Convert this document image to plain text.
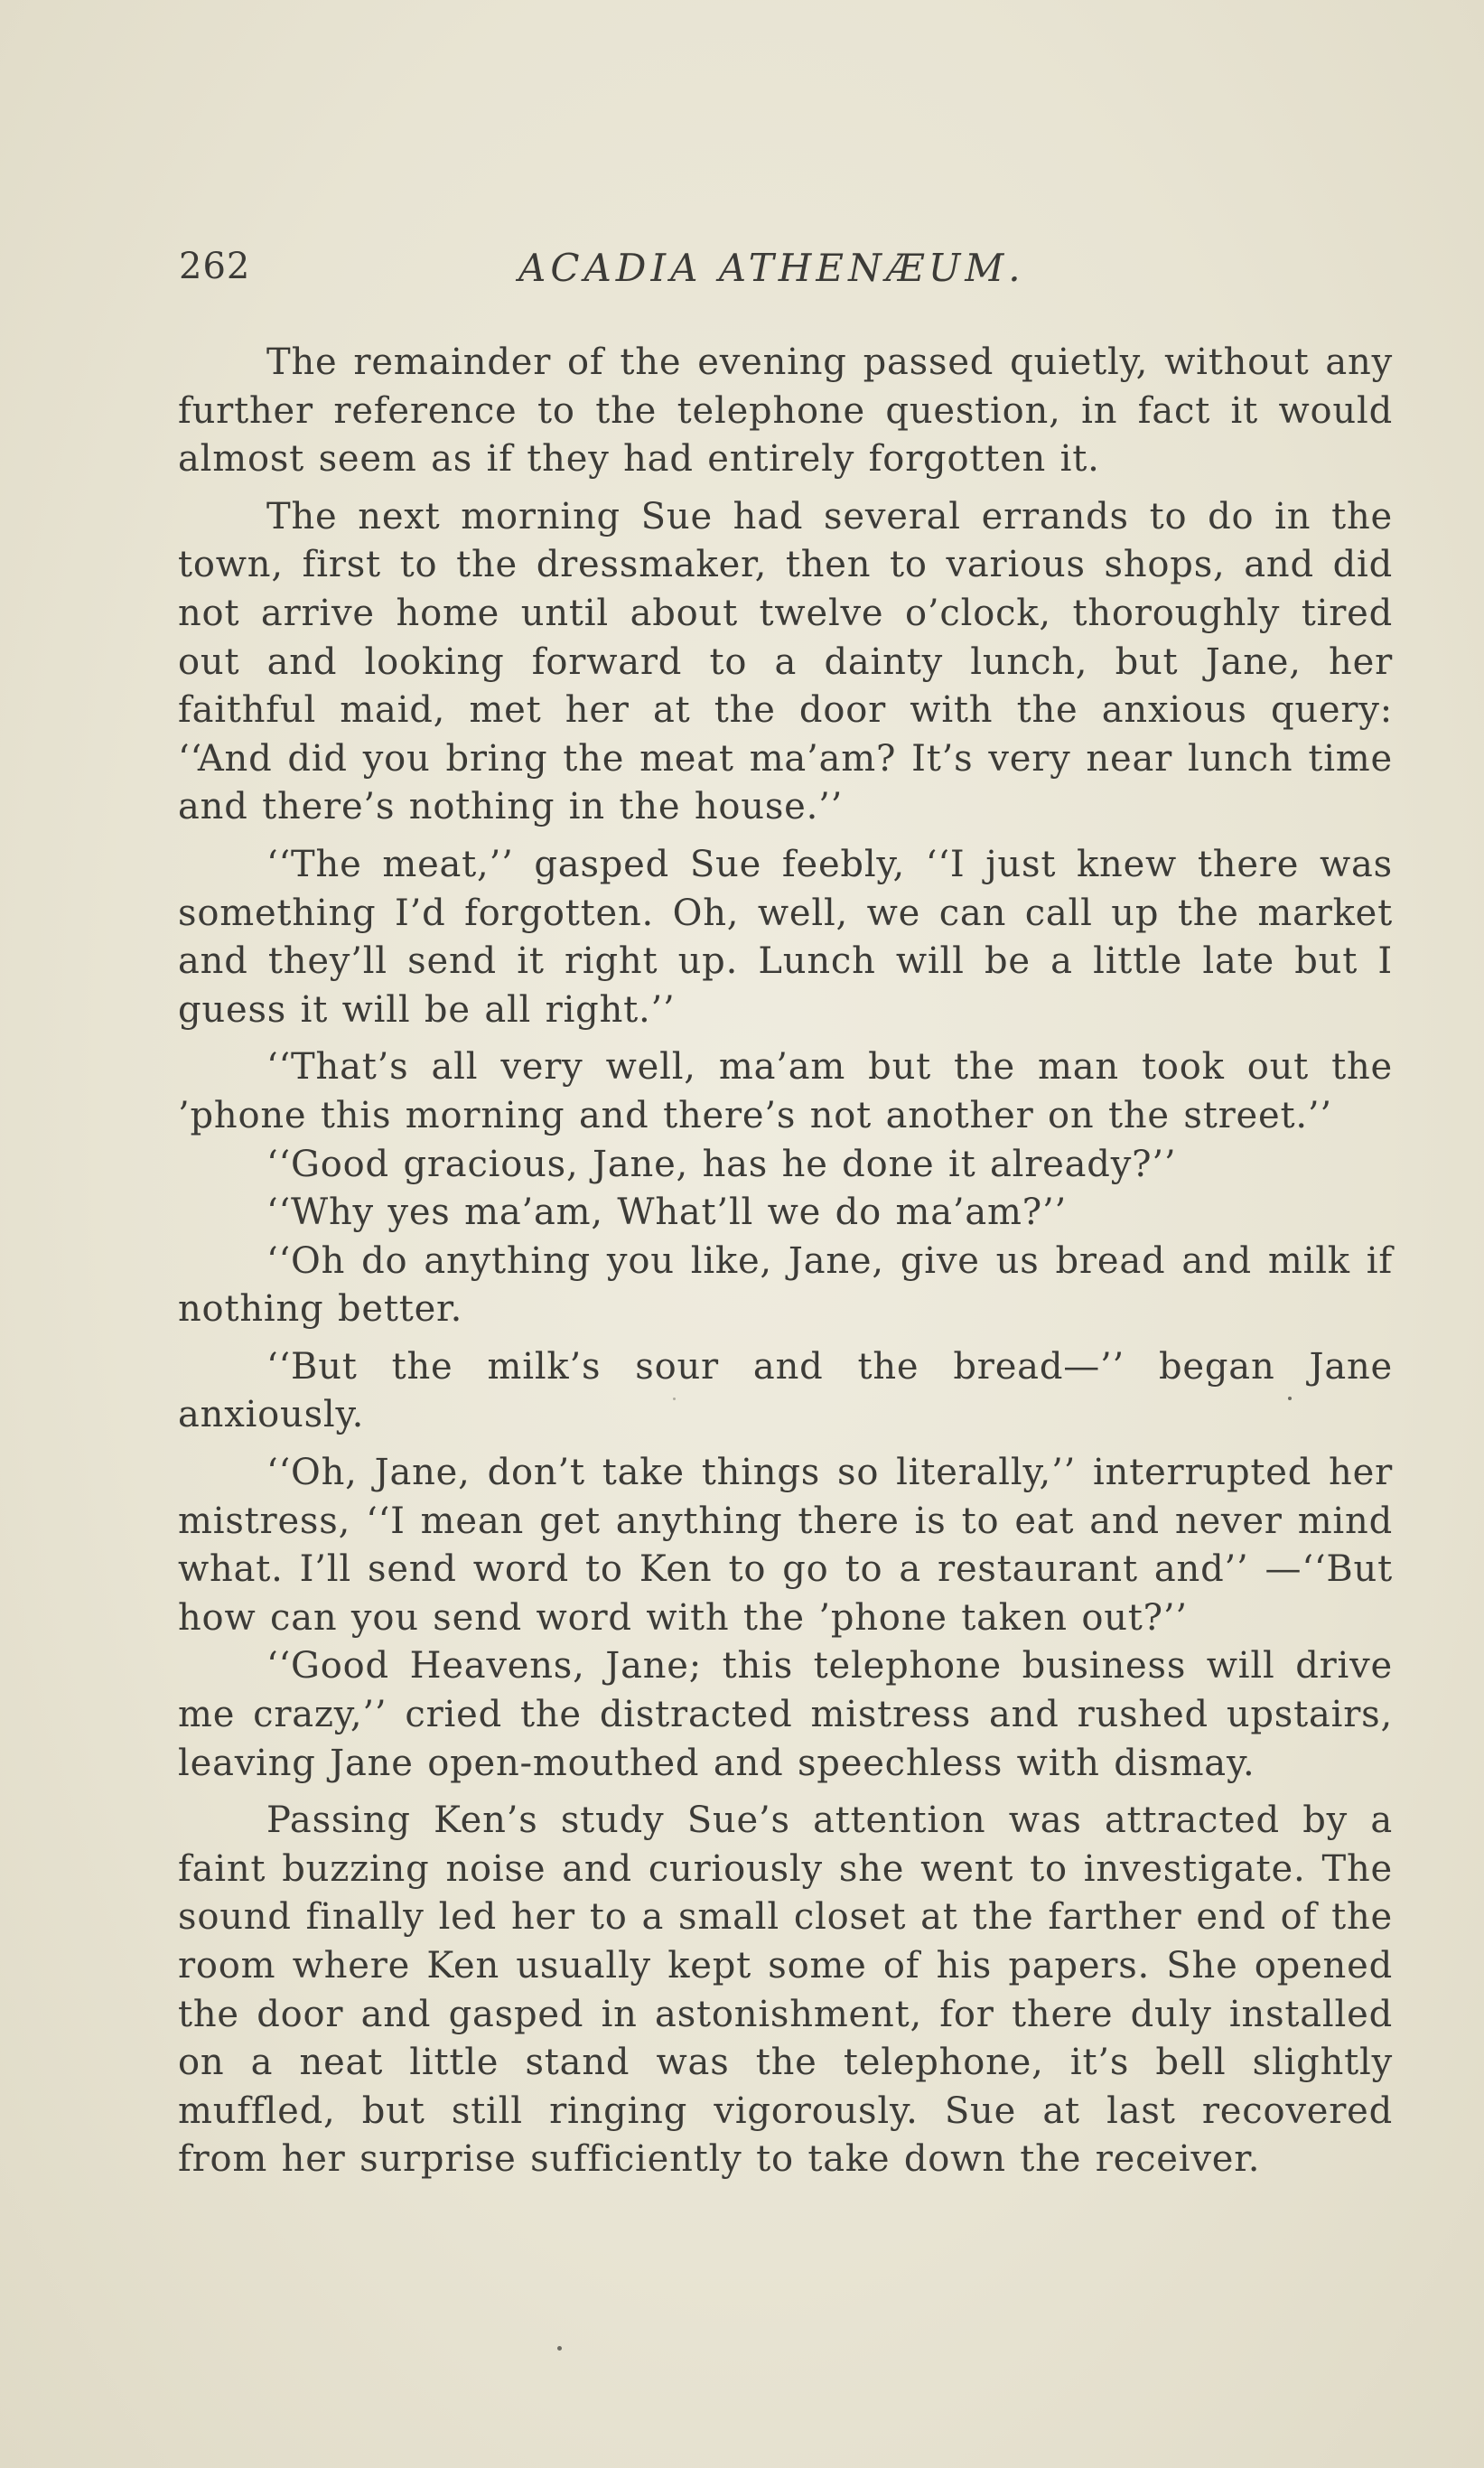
262	ACADIA ATHENÆUM.

The remainder of the evening passed quietly, without any further reference to the telephone question, in fact it would almost seem as if they had entirely forgotten it.

The next morning Sue had several errands to do in the town, first to the dressmaker, then to various shops, and did not arrive home until about twelve o’clock, thoroughly tired out and looking forward to a dainty lunch, but Jane, her faithful maid, met her at the door with the anxious query: ‘‘And did you bring the meat ma’am? It’s very near lunch time and there’s nothing in the house.’’

‘‘The meat,’’ gasped Sue feebly, ‘‘I just knew there was something I’d forgotten. Oh, well, we can call up the market and they’ll send it right up. Lunch will be a little late but I guess it will be all right.’’

‘‘That’s all very well, ma’am but the man took out the ’phone this morning and there’s not another on the street.’’

‘‘Good gracious, Jane, has he done it already?’’

‘‘Why yes ma’am, What’ll we do ma’am?’’

‘‘Oh do anything you like, Jane, give us bread and milk if nothing better.

‘‘But the milk’s sour and the bread—’’ began Jane anxiously.

‘‘Oh, Jane, don’t take things so literally,’’ interrupted her mistress, ‘‘I mean get anything there is to eat and never mind what. I’ll send word to Ken to go to a restaurant and’’ —‘‘But how can you send word with the ’phone taken out?’’

‘‘Good Heavens, Jane; this telephone business will drive me crazy,’’ cried the distracted mistress and rushed upstairs, leaving Jane open-mouthed and speechless with dismay.

Passing Ken’s study Sue’s attention was attracted by a faint buzzing noise and curiously she went to investigate. The sound finally led her to a small closet at the farther end of the room where Ken usually kept some of his papers. She opened the door and gasped in astonishment, for there duly installed on a neat little stand was the telephone, it’s bell slightly muffled, but still ringing vigorously. Sue at last recovered from her surprise sufficiently to take down the receiver.
